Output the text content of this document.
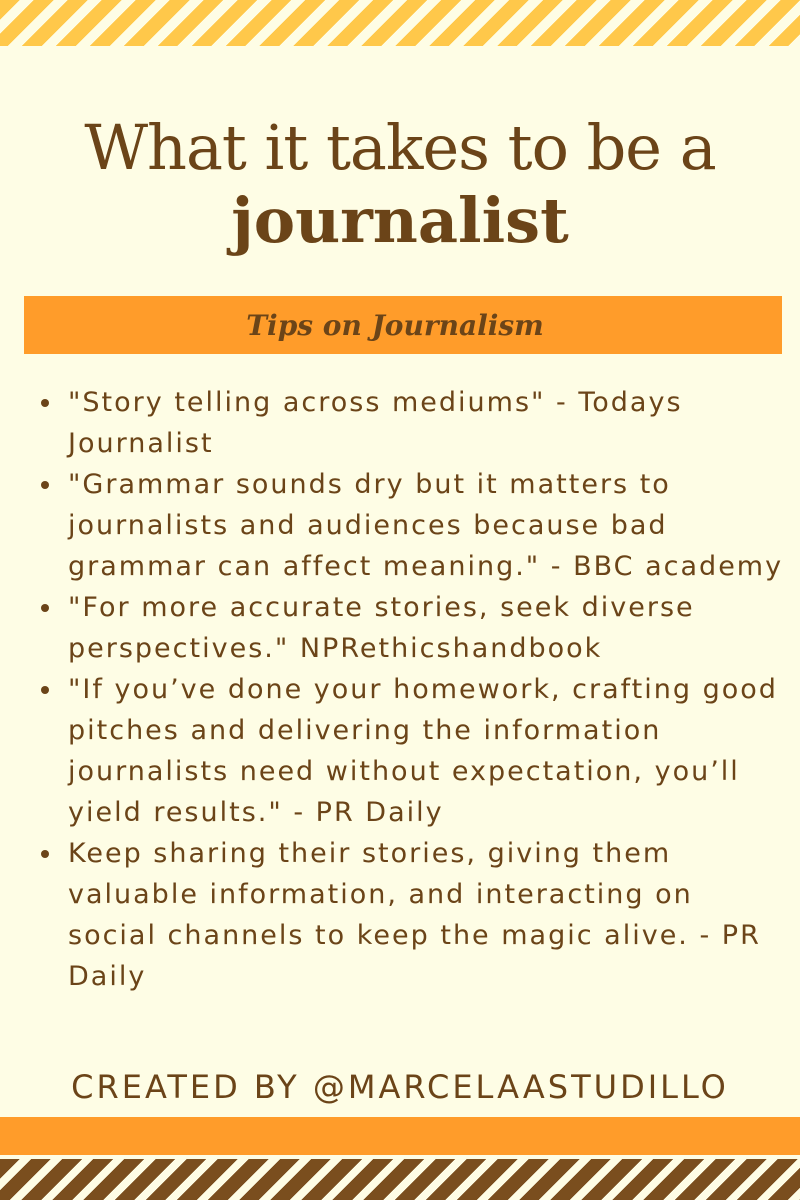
What it takes to be a
journalist
Tips on Journalism
"Story telling across mediums" - Todays Journalist
"Grammar sounds dry but it matters to journalists and audiences because bad grammar can affect meaning." - BBC academy
"For more accurate stories, seek diverse perspectives." NPRethicshandbook
"If you’ve done your homework, crafting good pitches and delivering the information journalists need without expectation, you’ll yield results." - PR Daily
Keep sharing their stories, giving them valuable information, and interacting on social channels to keep the magic alive. - PR Daily
CREATED BY @MARCELAASTUDILLO
